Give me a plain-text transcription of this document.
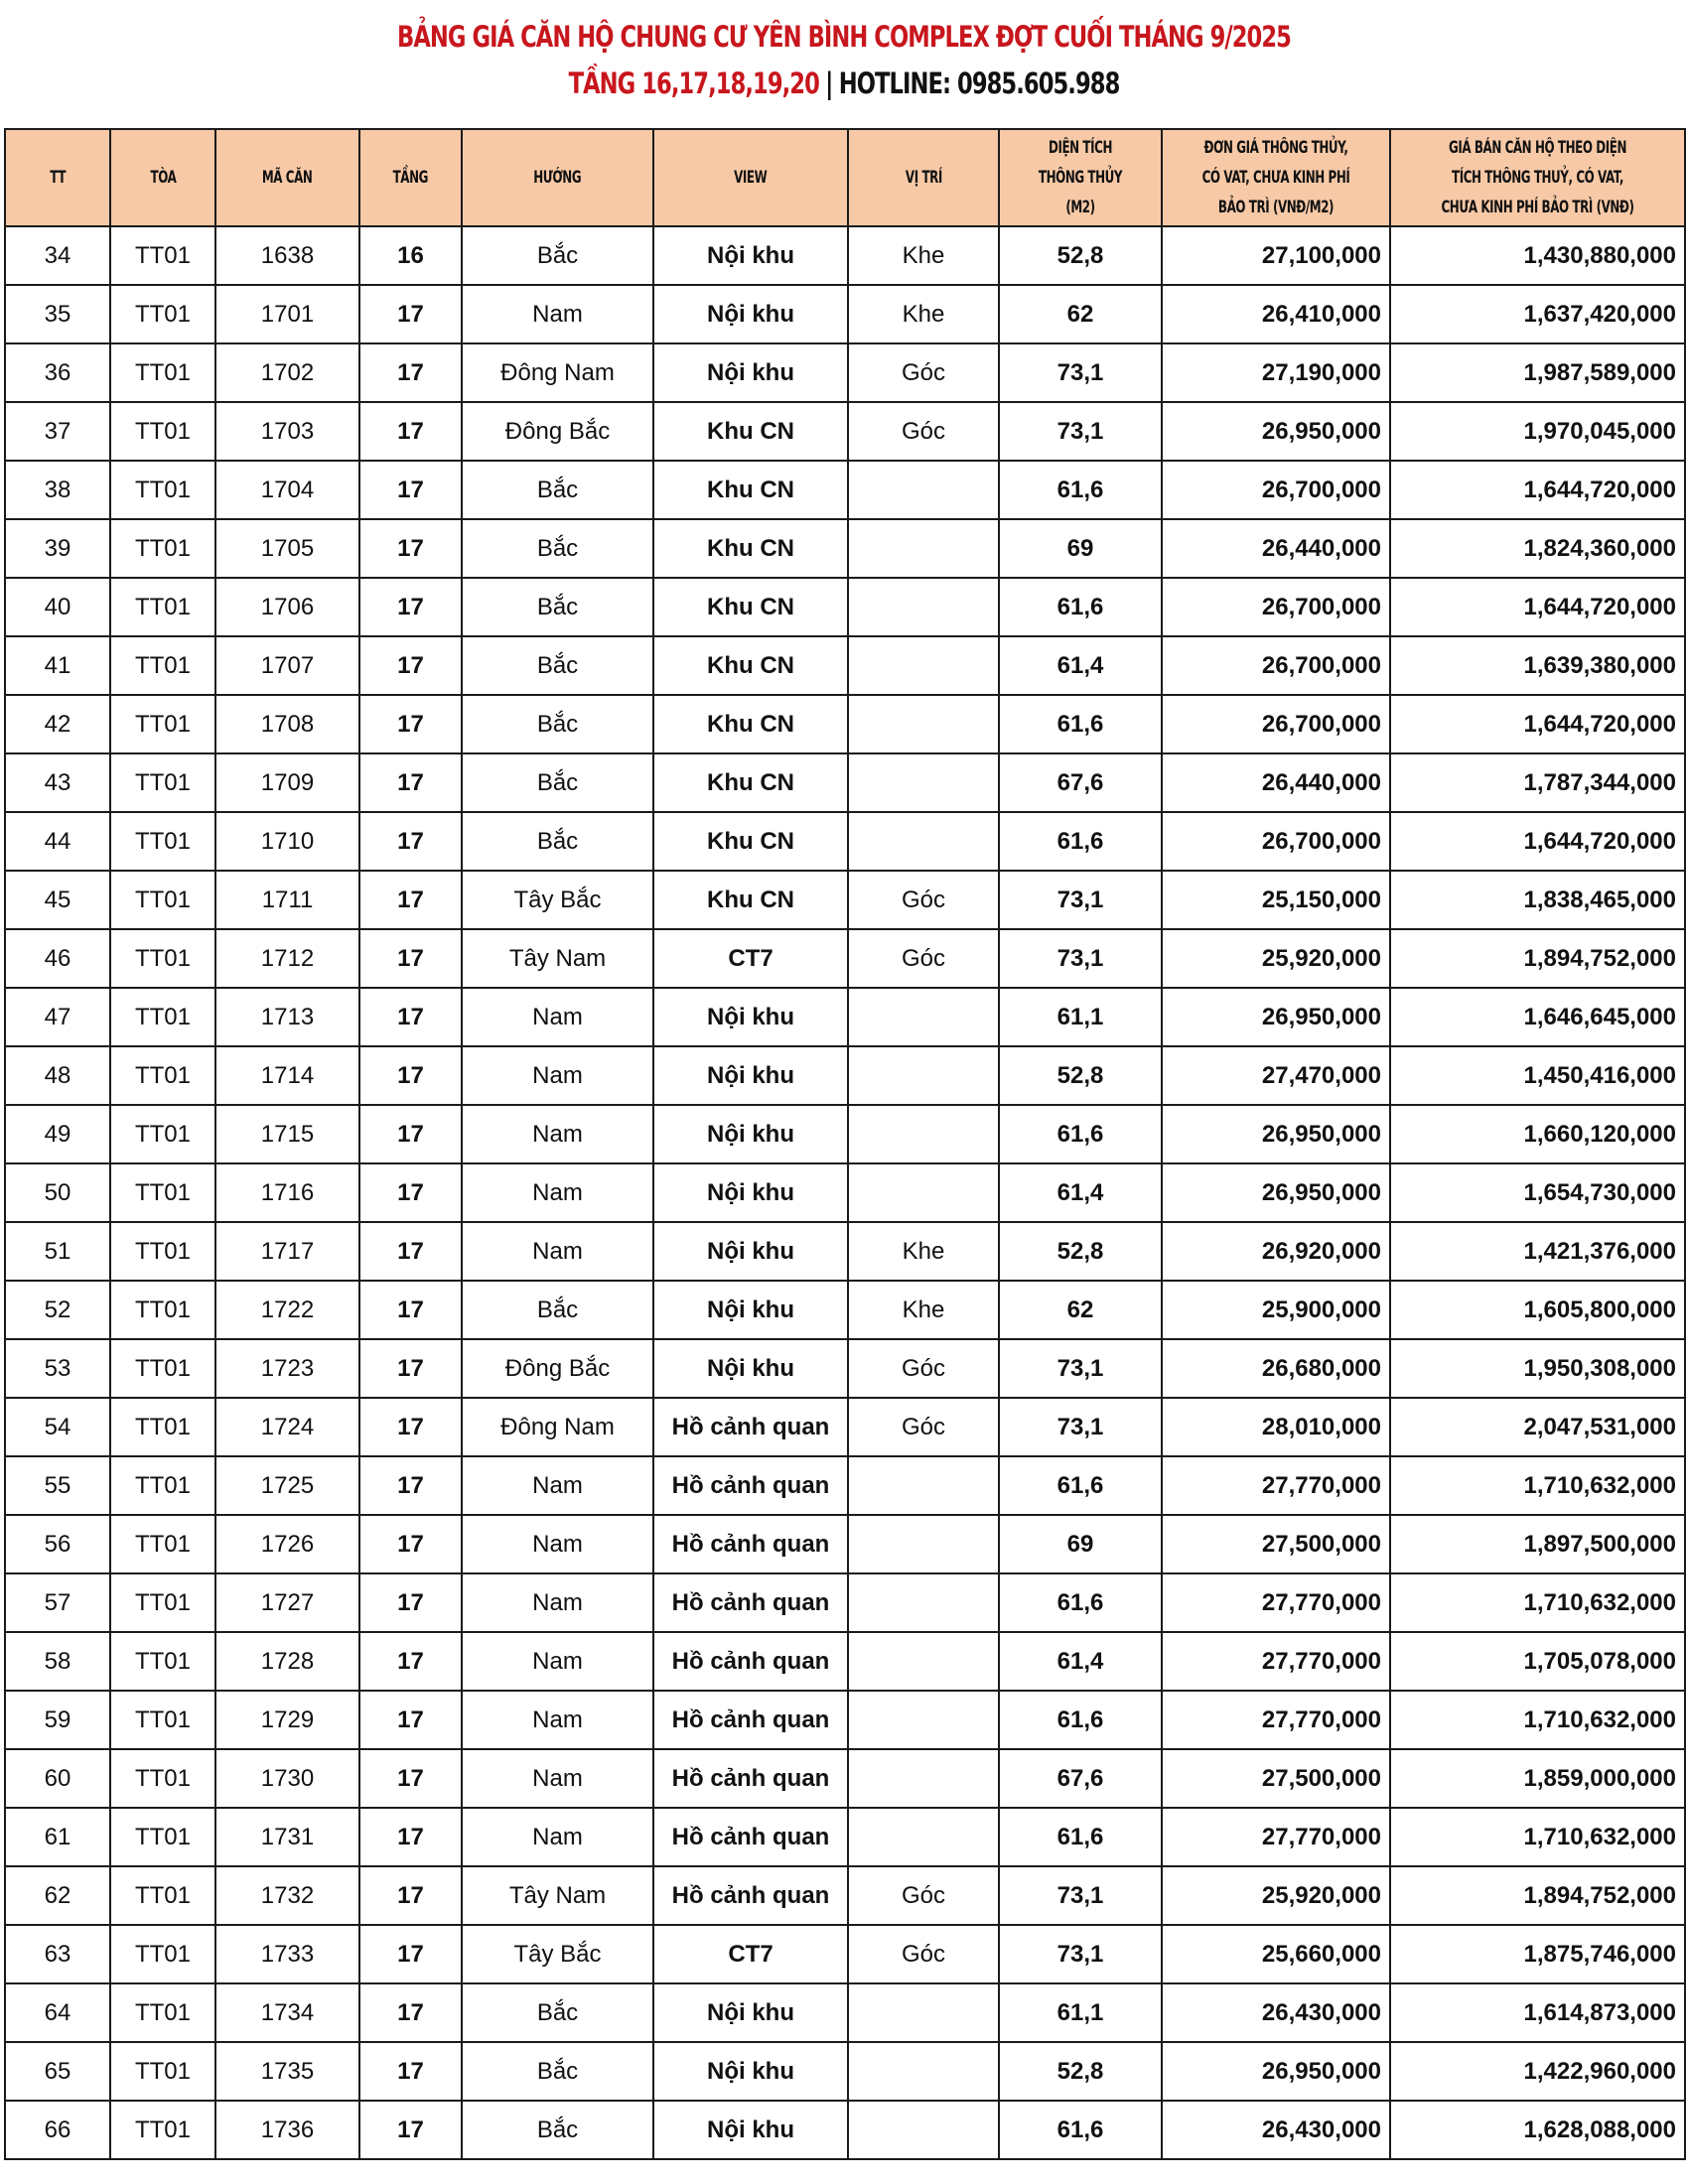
BẢNG GIÁ CĂN HỘ CHUNG CƯ YÊN BÌNH COMPLEX ĐỢT CUỐI THÁNG 9/2025
TẦNG 16,17,18,19,20 | HOTLINE: 0985.605.988
TT	TÒA	MÃ CĂN	TẦNG	HƯỚNG	VIEW	VỊ TRÍ	DIỆN TÍCH THÔNG THỦY (M2)	ĐƠN GIÁ THÔNG THỦY, CÓ VAT, CHƯA KINH PHÍ BẢO TRÌ (VNĐ/M2)	GIÁ BÁN CĂN HỘ THEO DIỆN TÍCH THÔNG THUỶ, CÓ VAT, CHƯA KINH PHÍ BẢO TRÌ (VNĐ)
34	TT01	1638	16	Bắc	Nội khu	Khe	52,8	27,100,000	1,430,880,000
35	TT01	1701	17	Nam	Nội khu	Khe	62	26,410,000	1,637,420,000
36	TT01	1702	17	Đông Nam	Nội khu	Góc	73,1	27,190,000	1,987,589,000
37	TT01	1703	17	Đông Bắc	Khu CN	Góc	73,1	26,950,000	1,970,045,000
38	TT01	1704	17	Bắc	Khu CN		61,6	26,700,000	1,644,720,000
39	TT01	1705	17	Bắc	Khu CN		69	26,440,000	1,824,360,000
40	TT01	1706	17	Bắc	Khu CN		61,6	26,700,000	1,644,720,000
41	TT01	1707	17	Bắc	Khu CN		61,4	26,700,000	1,639,380,000
42	TT01	1708	17	Bắc	Khu CN		61,6	26,700,000	1,644,720,000
43	TT01	1709	17	Bắc	Khu CN		67,6	26,440,000	1,787,344,000
44	TT01	1710	17	Bắc	Khu CN		61,6	26,700,000	1,644,720,000
45	TT01	1711	17	Tây Bắc	Khu CN	Góc	73,1	25,150,000	1,838,465,000
46	TT01	1712	17	Tây Nam	CT7	Góc	73,1	25,920,000	1,894,752,000
47	TT01	1713	17	Nam	Nội khu		61,1	26,950,000	1,646,645,000
48	TT01	1714	17	Nam	Nội khu		52,8	27,470,000	1,450,416,000
49	TT01	1715	17	Nam	Nội khu		61,6	26,950,000	1,660,120,000
50	TT01	1716	17	Nam	Nội khu		61,4	26,950,000	1,654,730,000
51	TT01	1717	17	Nam	Nội khu	Khe	52,8	26,920,000	1,421,376,000
52	TT01	1722	17	Bắc	Nội khu	Khe	62	25,900,000	1,605,800,000
53	TT01	1723	17	Đông Bắc	Nội khu	Góc	73,1	26,680,000	1,950,308,000
54	TT01	1724	17	Đông Nam	Hồ cảnh quan	Góc	73,1	28,010,000	2,047,531,000
55	TT01	1725	17	Nam	Hồ cảnh quan		61,6	27,770,000	1,710,632,000
56	TT01	1726	17	Nam	Hồ cảnh quan		69	27,500,000	1,897,500,000
57	TT01	1727	17	Nam	Hồ cảnh quan		61,6	27,770,000	1,710,632,000
58	TT01	1728	17	Nam	Hồ cảnh quan		61,4	27,770,000	1,705,078,000
59	TT01	1729	17	Nam	Hồ cảnh quan		61,6	27,770,000	1,710,632,000
60	TT01	1730	17	Nam	Hồ cảnh quan		67,6	27,500,000	1,859,000,000
61	TT01	1731	17	Nam	Hồ cảnh quan		61,6	27,770,000	1,710,632,000
62	TT01	1732	17	Tây Nam	Hồ cảnh quan	Góc	73,1	25,920,000	1,894,752,000
63	TT01	1733	17	Tây Bắc	CT7	Góc	73,1	25,660,000	1,875,746,000
64	TT01	1734	17	Bắc	Nội khu		61,1	26,430,000	1,614,873,000
65	TT01	1735	17	Bắc	Nội khu		52,8	26,950,000	1,422,960,000
66	TT01	1736	17	Bắc	Nội khu		61,6	26,430,000	1,628,088,000
